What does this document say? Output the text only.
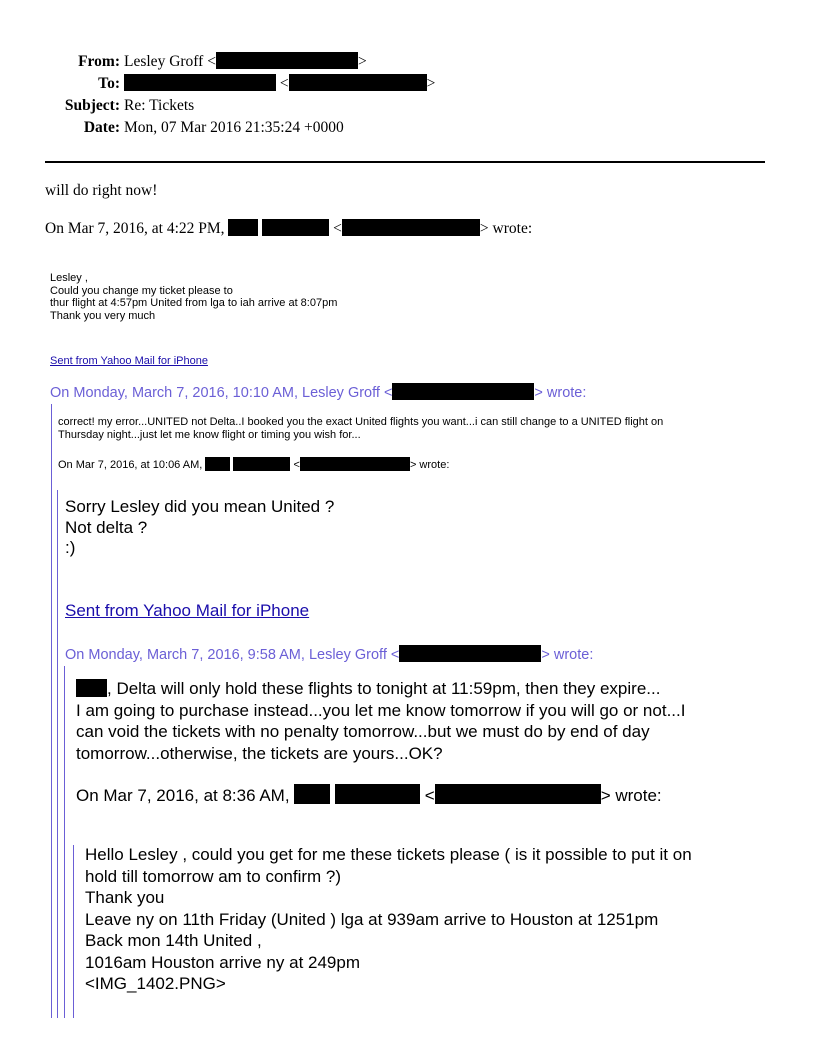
From: Lesley Groff <	>
To:	<	>
Subject: Re: Tickets
Date: Mon, 07 Mar 2016 21:35:24 +0000
will do right now!
On Mar 7, 2016, at 4:22 PM,	<	> wrote:
Lesley ,
Could you change my ticket please to
thur flight at 4:57pm United from lga to iah arrive at 8:07pm
Thank you very much
Sent from Yahoo Mail for iPhone
On Monday, March 7, 2016, 10:10 AM, Lesley Groff <	> wrote:
correct! my error...UNITED not Delta..I booked you the exact United flights you want...i can still change to a UNITED flight on
Thursday night...just let me know flight or timing you wish for...
On Mar 7, 2016, at 10:06 AM,	<	> wrote:
Sorry Lesley did you mean United ?
Not delta ?
:)
Sent from Yahoo Mail for iPhone
On Monday, March 7, 2016, 9:58 AM, Lesley Groff <	> wrote:
, Delta will only hold these flights to tonight at 11:59pm, then they expire...
I am going to purchase instead...you let me know tomorrow if you will go or not...I
can void the tickets with no penalty tomorrow...but we must do by end of day
tomorrow...otherwise, the tickets are yours...OK?
On Mar 7, 2016, at 8:36 AM,	<	> wrote:
Hello Lesley , could you get for me these tickets please ( is it possible to put it on
hold till tomorrow am to confirm ?)
Thank you
Leave ny on 11th Friday (United ) lga at 939am arrive to Houston at 1251pm
Back mon 14th United ,
1016am Houston arrive ny at 249pm
<IMG_1402.PNG>
